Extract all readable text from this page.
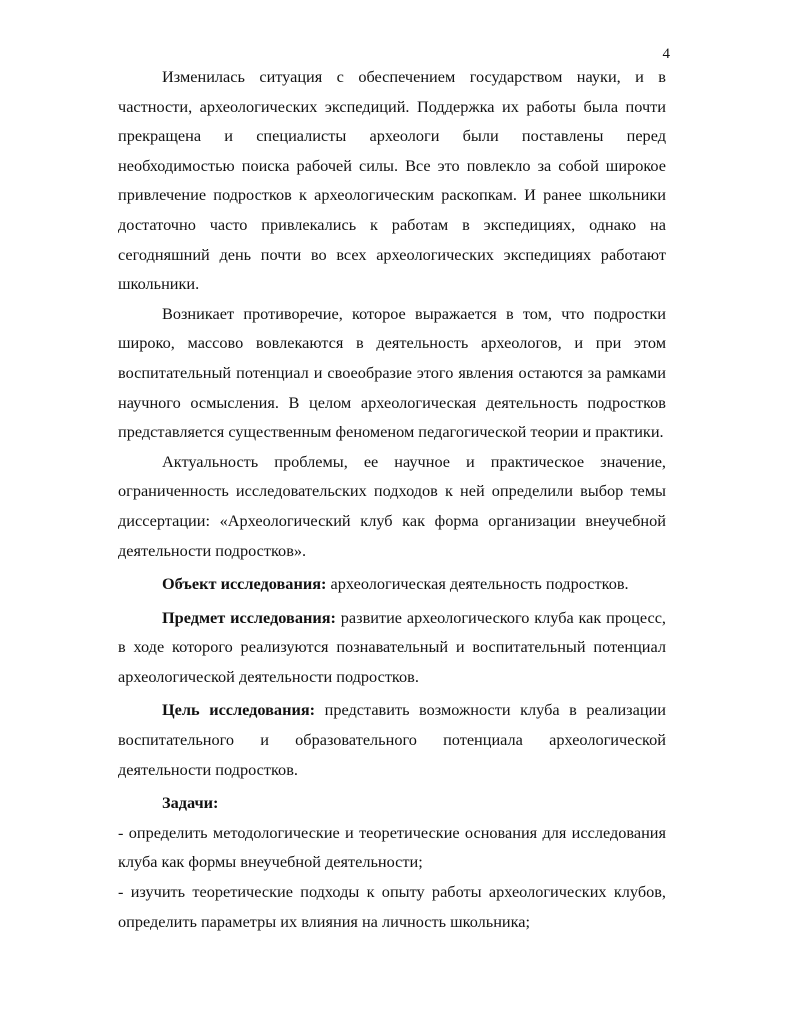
4

Изменилась ситуация с обеспечением государством науки, и в частности, археологических экспедиций. Поддержка их работы была почти прекращена и специалисты археологи были поставлены перед необходимостью поиска рабочей силы. Все это повлекло за собой широкое привлечение подростков к археологическим раскопкам. И ранее школьники достаточно часто привлекались к работам в экспедициях, однако на сегодняшний день почти во всех археологических экспедициях работают школьники.

Возникает противоречие, которое выражается в том, что подростки широко, массово вовлекаются в деятельность археологов, и при этом воспитательный потенциал и своеобразие этого явления остаются за рамками научного осмысления. В целом археологическая деятельность подростков представляется существенным феноменом педагогической теории и практики.

Актуальность проблемы, ее научное и практическое значение, ограниченность исследовательских подходов к ней определили выбор темы диссертации: «Археологический клуб как форма организации внеучебной деятельности подростков».

Объект исследования: археологическая деятельность подростков.

Предмет исследования: развитие археологического клуба как процесс, в ходе которого реализуются познавательный и воспитательный потенциал археологической деятельности подростков.

Цель исследования: представить возможности клуба в реализации воспитательного и образовательного потенциала археологической деятельности подростков.

Задачи:

- определить методологические и теоретические основания для исследования клуба как формы внеучебной деятельности;

- изучить теоретические подходы к опыту работы археологических клубов, определить параметры их влияния на личность школьника;
